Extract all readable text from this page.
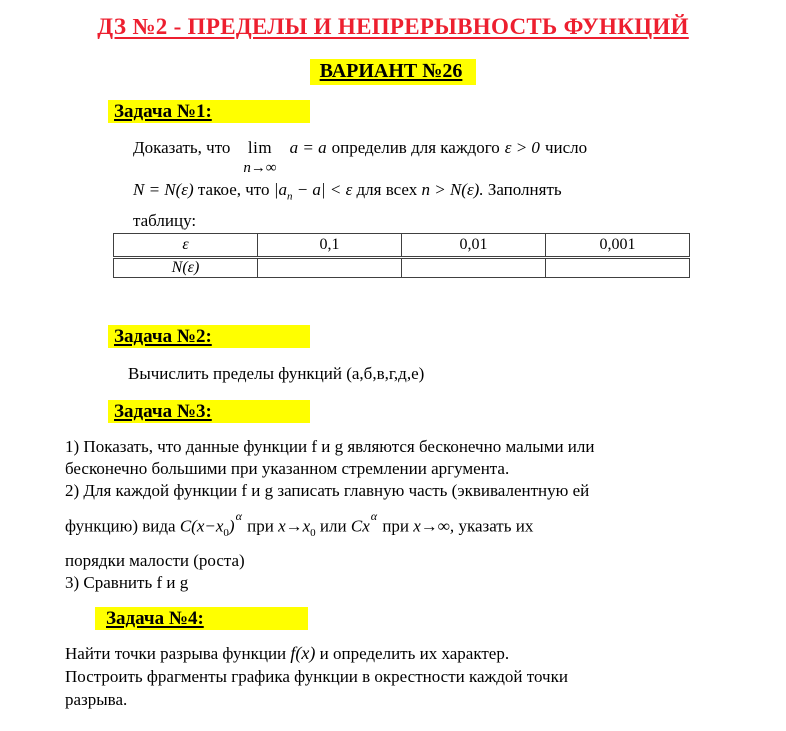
ДЗ №2 - ПРЕДЕЛЫ И НЕПРЕРЫВНОСТЬ ФУНКЦИЙ
ВАРИАНТ №26
Задача №1:
Доказать, что lim
n→∞
a = a определив для каждого ε > 0 число
N = N(ε) такое, что $|a_n - a| < \varepsilon$ для всех n > N(ε). Заполнять
таблицу:
ε	0,1	0,01	0,001
N(ε)			
Задача №2:
Вычислить пределы функций (а,б,в,г,д,е)
Задача №3:
1) Показать, что данные функции f и g являются бесконечно малыми или
бесконечно большими при указанном стремлении аргумента.
2) Для каждой функции f и g записать главную часть (эквивалентную ей
функцию) вида $C(x-x_0)^\alpha$ при $x\to x_0$ или $Cx^\alpha$ при x→∞, указать их
порядки малости (роста)
3) Сравнить f и g
Задача №4:
Найти точки разрыва функции f(x) и определить их характер.
Построить фрагменты графика функции в окрестности каждой точки
разрыва.
